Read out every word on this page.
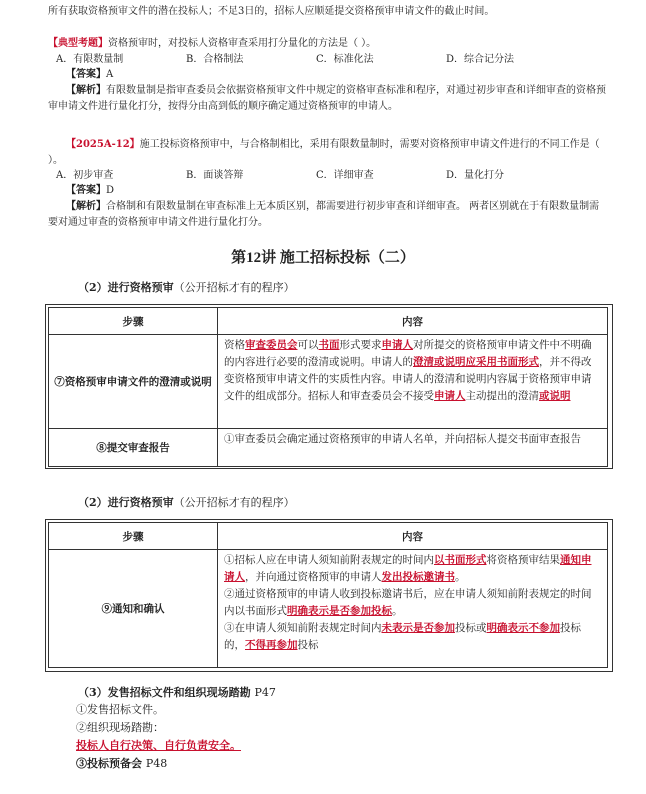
所有获取资格预审文件的潜在投标人；不足3日的，招标人应顺延提交资格预审申请文件的截止时间。
【典型考题】资格预审时，对投标人资格审查采用打分量化的方法是（ ）。
A．有限数量制	B．合格制法	C．标准化法	D．综合记分法
【答案】A
【解析】有限数量制是指审查委员会依据资格预审文件中规定的资格审查标准和程序，对通过初步审查和详细审查的资格预审申请文件进行量化打分，按得分由高到低的顺序确定通过资格预审的申请人。
【2025A-12】施工投标资格预审中，与合格制相比，采用有限数量制时，需要对资格预审申请文件进行的不同工作是（ ）。
A．初步审查	B．面谈答辩	C．详细审查	D．量化打分
【答案】D
【解析】合格制和有限数量制在审查标准上无本质区别，都需要进行初步审查和详细审查。 两者区别就在于有限数量制需要对通过审查的资格预审申请文件进行量化打分。
第12讲 施工招标投标（二）
（2）进行资格预审（公开招标才有的程序）
步骤	内容
⑦资格预审申请文件的澄清或说明	资格审查委员会可以书面形式要求申请人对所提交的资格预审申请文件中不明确的内容进行必要的澄清或说明。申请人的澄清或说明应采用书面形式，并不得改变资格预审申请文件的实质性内容。申请人的澄清和说明内容属于资格预审申请文件的组成部分。招标人和审查委员会不接受申请人主动提出的澄清或说明
⑧提交审查报告	①审查委员会确定通过资格预审的申请人名单，并向招标人提交书面审查报告
（2）进行资格预审（公开招标才有的程序）
步骤	内容
⑨通知和确认	①招标人应在申请人须知前附表规定的时间内以书面形式将资格预审结果通知申请人，并向通过资格预审的申请人发出投标邀请书。
②通过资格预审的申请人收到投标邀请书后，应在申请人须知前附表规定的时间内以书面形式明确表示是否参加投标。
③在申请人须知前附表规定时间内未表示是否参加投标或明确表示不参加投标的，不得再参加投标
（3）发售招标文件和组织现场踏勘 P47
①发售招标文件。
②组织现场踏勘：
投标人自行决策、自行负责安全。
③投标预备会 P48
